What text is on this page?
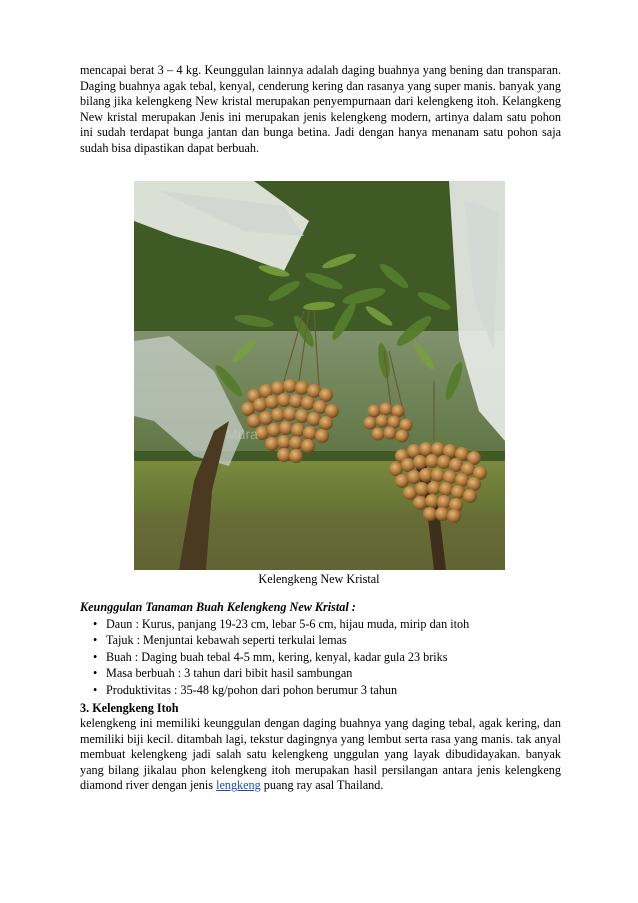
mencapai berat 3 – 4 kg. Keunggulan lainnya adalah daging buahnya yang bening dan transparan. Daging buahnya agak tebal, kenyal, cenderung kering dan rasanya yang super manis. banyak yang bilang jika kelengkeng New kristal merupakan penyempurnaan dari kelengkeng itoh. Kelangkeng New kristal merupakan Jenis ini merupakan jenis kelengkeng modern, artinya dalam satu pohon ini sudah terdapat bunga jantan dan bunga betina. Jadi dengan hanya menanam satu pohon saja sudah bisa dipastikan dapat berbuah.

Mura
Kelengkeng New Kristal

Keunggulan Tanaman Buah Kelengkeng New Kristal :

• Daun : Kurus, panjang 19-23 cm, lebar 5-6 cm, hijau muda, mirip dan itoh
• Tajuk : Menjuntai kebawah seperti terkulai lemas
• Buah : Daging buah tebal 4-5 mm, kering, kenyal, kadar gula 23 briks
• Masa berbuah : 3 tahun dari bibit hasil sambungan
• Produktivitas : 35-48 kg/pohon dari pohon berumur 3 tahun

3. Kelengkeng Itoh

kelengkeng ini memiliki keunggulan dengan daging buahnya yang daging tebal, agak kering, dan memiliki biji kecil. ditambah lagi, tekstur dagingnya yang lembut serta rasa yang manis. tak anyal membuat kelengkeng jadi salah satu kelengkeng unggulan yang layak dibudidayakan. banyak yang bilang jikalau phon kelengkeng itoh merupakan hasil persilangan antara jenis kelengkeng diamond river dengan jenis lengkeng puang ray asal Thailand.
